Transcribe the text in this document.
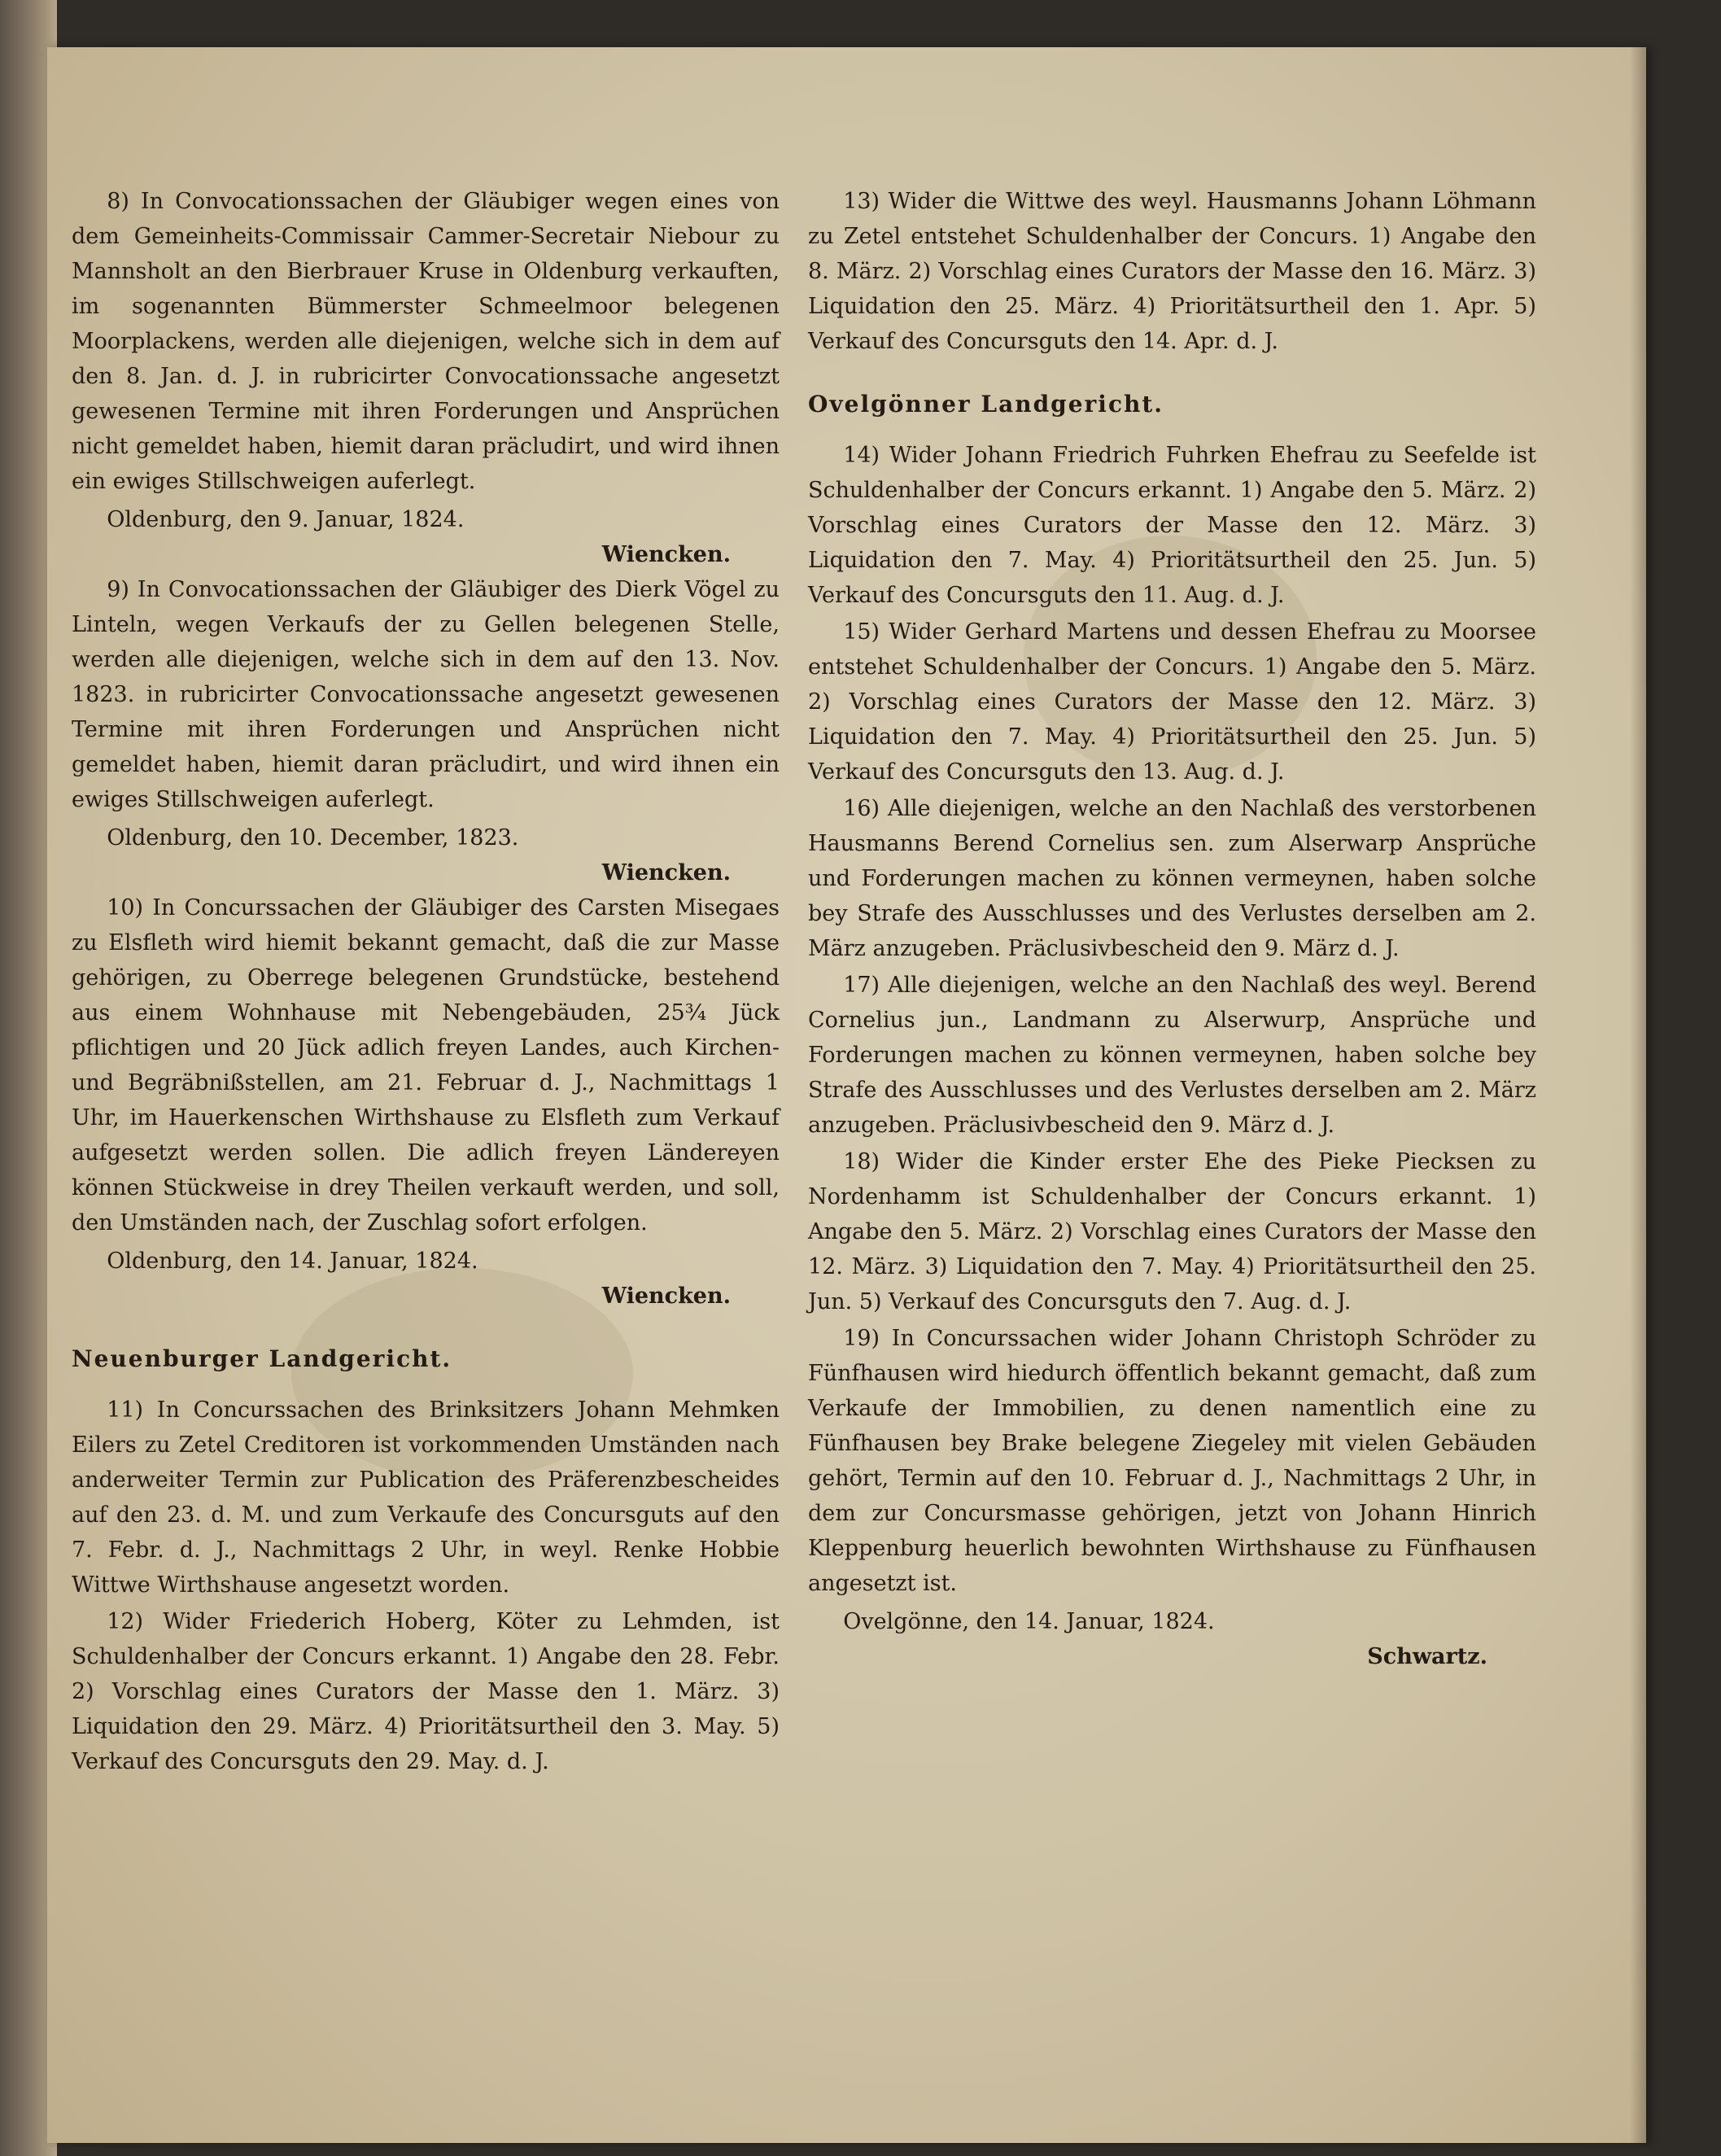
8) In Convocationssachen der Gläubiger wegen eines von dem Gemeinheits-Commissair Cammer-Secretair Niebour zu Mannsholt an den Bierbrauer Kruse in Oldenburg verkauften, im sogenannten Bümmerster Schmeelmoor belegenen Moorplackens, werden alle diejenigen, welche sich in dem auf den 8. Jan. d. J. in rubricirter Convocationssache angesetzt gewesenen Termine mit ihren Forderungen und Ansprüchen nicht gemeldet haben, hiemit daran präcludirt, und wird ihnen ein ewiges Stillschweigen auferlegt.

Oldenburg, den 9. Januar, 1824.

Wiencken.

9) In Convocationssachen der Gläubiger des Dierk Vögel zu Linteln, wegen Verkaufs der zu Gellen belegenen Stelle, werden alle diejenigen, welche sich in dem auf den 13. Nov. 1823. in rubricirter Convocationssache angesetzt gewesenen Termine mit ihren Forderungen und Ansprüchen nicht gemeldet haben, hiemit daran präcludirt, und wird ihnen ein ewiges Stillschweigen auferlegt.

Oldenburg, den 10. December, 1823.

Wiencken.

10) In Concurssachen der Gläubiger des Carsten Misegaes zu Elsfleth wird hiemit bekannt gemacht, daß die zur Masse gehörigen, zu Oberrege belegenen Grundstücke, bestehend aus einem Wohnhause mit Nebengebäuden, 25¾ Jück pflichtigen und 20 Jück adlich freyen Landes, auch Kirchen- und Begräbnißstellen, am 21. Februar d. J., Nachmittags 1 Uhr, im Hauerkenschen Wirthshause zu Elsfleth zum Verkauf aufgesetzt werden sollen. Die adlich freyen Ländereyen können Stückweise in drey Theilen verkauft werden, und soll, den Umständen nach, der Zuschlag sofort erfolgen.

Oldenburg, den 14. Januar, 1824.

Wiencken.

Neuenburger Landgericht.

11) In Concurssachen des Brinksitzers Johann Mehmken Eilers zu Zetel Creditoren ist vorkommenden Umständen nach anderweiter Termin zur Publication des Präferenzbescheides auf den 23. d. M. und zum Verkaufe des Concursguts auf den 7. Febr. d. J., Nachmittags 2 Uhr, in weyl. Renke Hobbie Wittwe Wirthshause angesetzt worden.

12) Wider Friederich Hoberg, Köter zu Lehmden, ist Schuldenhalber der Concurs erkannt. 1) Angabe den 28. Febr. 2) Vorschlag eines Curators der Masse den 1. März. 3) Liquidation den 29. März. 4) Prioritätsurtheil den 3. May. 5) Verkauf des Concursguts den 29. May. d. J.

13) Wider die Wittwe des weyl. Hausmanns Johann Löhmann zu Zetel entstehet Schuldenhalber der Concurs. 1) Angabe den 8. März. 2) Vorschlag eines Curators der Masse den 16. März. 3) Liquidation den 25. März. 4) Prioritätsurtheil den 1. Apr. 5) Verkauf des Concursguts den 14. Apr. d. J.

Ovelgönner Landgericht.

14) Wider Johann Friedrich Fuhrken Ehefrau zu Seefelde ist Schuldenhalber der Concurs erkannt. 1) Angabe den 5. März. 2) Vorschlag eines Curators der Masse den 12. März. 3) Liquidation den 7. May. 4) Prioritätsurtheil den 25. Jun. 5) Verkauf des Concursguts den 11. Aug. d. J.

15) Wider Gerhard Martens und dessen Ehefrau zu Moorsee entstehet Schuldenhalber der Concurs. 1) Angabe den 5. März. 2) Vorschlag eines Curators der Masse den 12. März. 3) Liquidation den 7. May. 4) Prioritätsurtheil den 25. Jun. 5) Verkauf des Concursguts den 13. Aug. d. J.

16) Alle diejenigen, welche an den Nachlaß des verstorbenen Hausmanns Berend Cornelius sen. zum Alserwarp Ansprüche und Forderungen machen zu können vermeynen, haben solche bey Strafe des Ausschlusses und des Verlustes derselben am 2. März anzugeben. Präclusivbescheid den 9. März d. J.

17) Alle diejenigen, welche an den Nachlaß des weyl. Berend Cornelius jun., Landmann zu Alserwurp, Ansprüche und Forderungen machen zu können vermeynen, haben solche bey Strafe des Ausschlusses und des Verlustes derselben am 2. März anzugeben. Präclusivbescheid den 9. März d. J.

18) Wider die Kinder erster Ehe des Pieke Piecksen zu Nordenhamm ist Schuldenhalber der Concurs erkannt. 1) Angabe den 5. März. 2) Vorschlag eines Curators der Masse den 12. März. 3) Liquidation den 7. May. 4) Prioritätsurtheil den 25. Jun. 5) Verkauf des Concursguts den 7. Aug. d. J.

19) In Concurssachen wider Johann Christoph Schröder zu Fünfhausen wird hiedurch öffentlich bekannt gemacht, daß zum Verkaufe der Immobilien, zu denen namentlich eine zu Fünfhausen bey Brake belegene Ziegeley mit vielen Gebäuden gehört, Termin auf den 10. Februar d. J., Nachmittags 2 Uhr, in dem zur Concursmasse gehörigen, jetzt von Johann Hinrich Kleppenburg heuerlich bewohnten Wirthshause zu Fünfhausen angesetzt ist.

Ovelgönne, den 14. Januar, 1824.

Schwartz.
